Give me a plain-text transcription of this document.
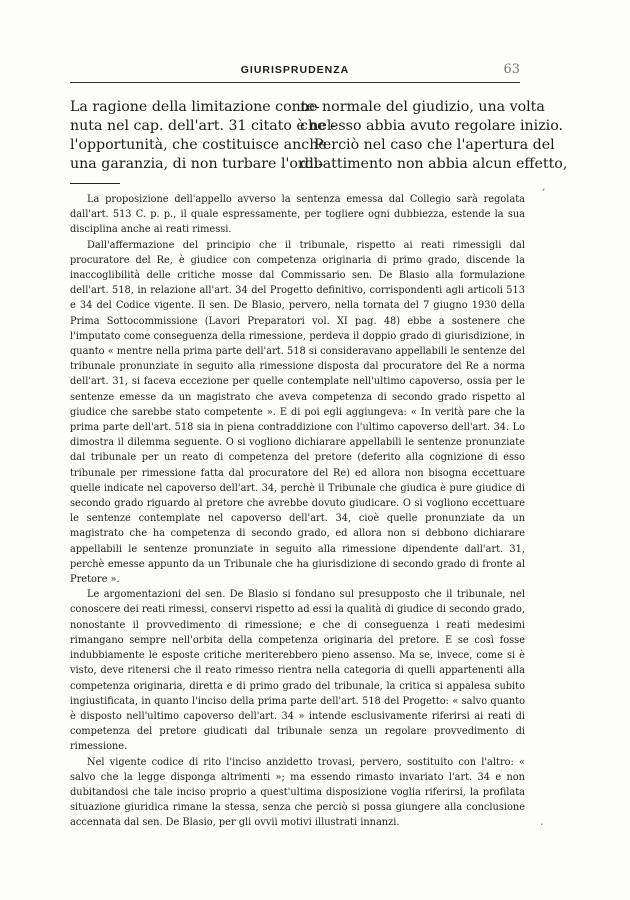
GIURISPRUDENZA	63
La ragione della limitazione conte-
nuta nel cap. dell'art. 31 citato è nel-
l'opportunità, che costituisce anche
una garanzia, di non turbare l'ordi-
ne normale del giudizio, una volta
che esso abbia avuto regolare inizio.
Perciò nel caso che l'apertura del
dibattimento non abbia alcun effetto,

La proposizione dell'appello avverso la sentenza emessa dal Collegio sarà regolata dall'art. 513 C. p. p., il quale espressamente, per togliere ogni dubbiezza, estende la sua disciplina anche ai reati rimessi.

Dall'affermazione del principio che il tribunale, rispetto ai reati rimessigli dal procuratore del Re, è giudice con competenza originaria di primo grado, discende la inaccoglibilità delle critiche mosse dal Commissario sen. De Blasio alla formulazione dell'art. 518, in relazione all'art. 34 del Progetto definitivo, corrispondenti agli articoli 513 e 34 del Codice vigente. Il sen. De Blasio, pervero, nella tornata del 7 giugno 1930 della Prima Sottocommissione (Lavori Preparatori vol. XI pag. 48) ebbe a sostenere che l'imputato come conseguenza della rimessione, perdeva il doppio grado di giurisdizione, in quanto « mentre nella prima parte dell'art. 518 si consideravano appellabili le sentenze del tribunale pronunziate in seguito alla rimessione disposta dal procuratore del Re a norma dell'art. 31, si faceva eccezione per quelle contemplate nell'ultimo capoverso, ossia per le sentenze emesse da un magistrato che aveva competenza di secondo grado rispetto al giudice che sarebbe stato competente ». E di poi egli aggiungeva: « In verità pare che la prima parte dell'art. 518 sia in piena contraddizione con l'ultimo capoverso dell'art. 34. Lo dimostra il dilemma seguente. O si vogliono dichiarare appellabili le sentenze pronunziate dal tribunale per un reato di competenza del pretore (deferito alla cognizione di esso tribunale per rimessione fatta dal procuratore del Re) ed allora non bisogna eccettuare quelle indicate nel capoverso dell'art. 34, perchè il Tribunale che giudica è pure giudice di secondo grado riguardo al pretore che avrebbe dovuto giudicare. O si vogliono eccettuare le sentenze contemplate nel capoverso dell'art. 34, cioè quelle pronunziate da un magistrato che ha competenza di secondo grado, ed allora non si debbono dichiarare appellabili le sentenze pronunziate in seguito alla rimessione dipendente dall'art. 31, perchè emesse appunto da un Tribunale che ha giurisdizione di secondo grado di fronte al Pretore ».

Le argomentazioni del sen. De Blasio si fondano sul presupposto che il tribunale, nel conoscere dei reati rimessi, conservi rispetto ad essi la qualità di giudice di secondo grado, nonostante il provvedimento di rimessione; e che di conseguenza i reati medesimi rimangano sempre nell'orbita della competenza originaria del pretore. E se così fosse indubbiamente le esposte critiche meriterebbero pieno assenso. Ma se, invece, come si è visto, deve ritenersi che il reato rimesso rientra nella categoria di quelli appartenenti alla competenza originaria, diretta e di primo grado del tribunale, la critica si appalesa subito ingiustificata, in quanto l'inciso della prima parte dell'art. 518 del Progetto: « salvo quanto è disposto nell'ultimo capoverso dell'art. 34 » intende esclusivamente riferirsi ai reati di competenza del pretore giudicati dal tribunale senza un regolare provvedimento di rimessione.

Nel vigente codice di rito l'inciso anzidetto trovasi, pervero, sostituito con l'altro: « salvo che la legge disponga altrimenti »; ma essendo rimasto invariato l'art. 34 e non dubitandosi che tale inciso proprio a quest'ultima disposizione voglia riferirsi, la profilata situazione giuridica rimane la stessa, senza che perciò si possa giungere alla conclusione accennata dal sen. De Blasio, per gli ovvii motivi illustrati innanzi.

,
·
